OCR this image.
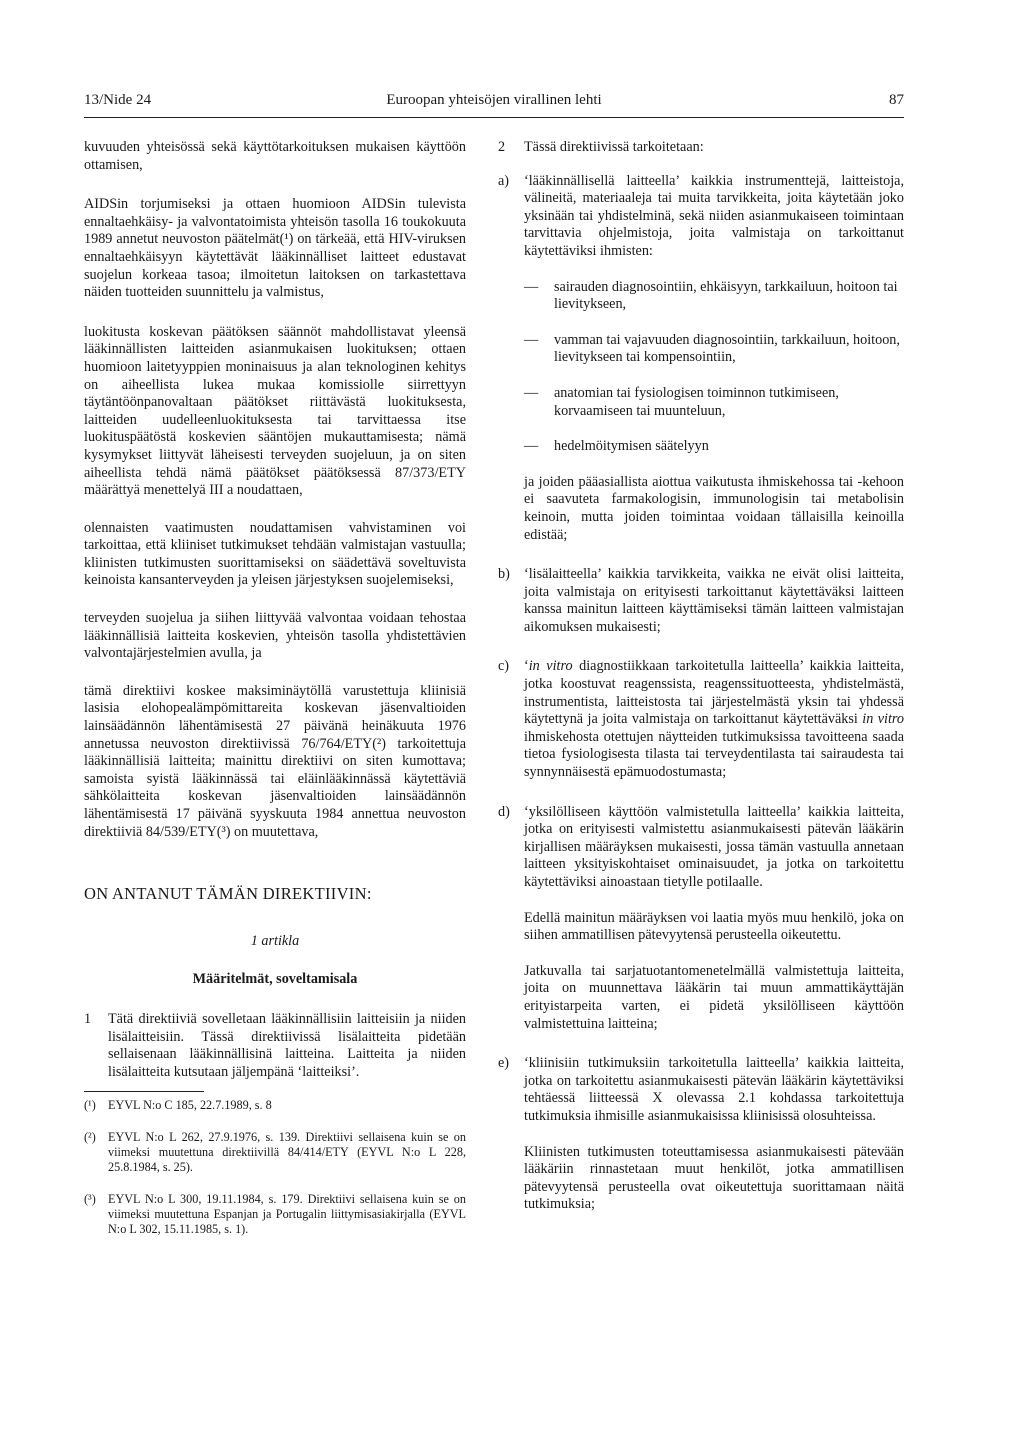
13/Nide 24	Euroopan yhteisöjen virallinen lehti	87

kuvuuden yhteisössä sekä käyttötarkoituksen mukaisen käyttöön ottamisen,

AIDSin torjumiseksi ja ottaen huomioon AIDSin tulevista ennaltaehkäisy- ja valvontatoimista yhteisön tasolla 16 toukokuuta 1989 annetut neuvoston päätelmät(¹) on tärkeää, että HIV-viruksen ennaltaehkäisyyn käytettävät lääkinnälliset laitteet edustavat suojelun korkeaa tasoa; ilmoitetun laitoksen on tarkastettava näiden tuotteiden suunnittelu ja valmistus,

luokitusta koskevan päätöksen säännöt mahdollistavat yleensä lääkinnällisten laitteiden asianmukaisen luokituksen; ottaen huomioon laitetyyppien moninaisuus ja alan teknologinen kehitys on aiheellista lukea mukaa komissiolle siirrettyyn täytäntöönpanovaltaan päätökset riittävästä luokituksesta, laitteiden uudelleenluokituksesta tai tarvittaessa itse luokituspäätöstä koskevien sääntöjen mukauttamisesta; nämä kysymykset liittyvät läheisesti terveyden suojeluun, ja on siten aiheellista tehdä nämä päätökset päätöksessä 87/373/ETY määrättyä menettelyä III a noudattaen,

olennaisten vaatimusten noudattamisen vahvistaminen voi tarkoittaa, että kliiniset tutkimukset tehdään valmistajan vastuulla; kliinisten tutkimusten suorittamiseksi on säädettävä soveltuvista keinoista kansanterveyden ja yleisen järjestyksen suojelemiseksi,

terveyden suojelua ja siihen liittyvää valvontaa voidaan tehostaa lääkinnällisiä laitteita koskevien, yhteisön tasolla yhdistettävien valvontajärjestelmien avulla, ja

tämä direktiivi koskee maksiminäytöllä varustettuja kliinisiä lasisia elohopealämpömittareita koskevan jäsenvaltioiden lainsäädännön lähentämisestä 27 päivänä heinäkuuta 1976 annetussa neuvoston direktiivissä 76/764/ETY(²) tarkoitettuja lääkinnällisiä laitteita; mainittu direktiivi on siten kumottava; samoista syistä lääkinnässä tai eläinlääkinnässä käytettäviä sähkölaitteita koskevan jäsenvaltioiden lainsäädännön lähentämisestä 17 päivänä syyskuuta 1984 annettua neuvoston direktiiviä 84/539/ETY(³) on muutettava,

ON ANTANUT TÄMÄN DIREKTIIVIN:
1 artikla
Määritelmät, soveltamisala

1 Tätä direktiiviä sovelletaan lääkinnällisiin laitteisiin ja niiden lisälaitteisiin. Tässä direktiivissä lisälaitteita pidetään sellaisenaan lääkinnällisinä laitteina. Laitteita ja niiden lisälaitteita kutsutaan jäljempänä ‘laitteiksi’.

(¹) EYVL N:o C 185, 22.7.1989, s. 8

(²) EYVL N:o L 262, 27.9.1976, s. 139. Direktiivi sellaisena kuin se on viimeksi muutettuna direktiivillä 84/414/ETY (EYVL N:o L 228, 25.8.1984, s. 25).

(³) EYVL N:o L 300, 19.11.1984, s. 179. Direktiivi sellaisena kuin se on viimeksi muutettuna Espanjan ja Portugalin liittymisasiakirjalla (EYVL N:o L 302, 15.11.1985, s. 1).

2 Tässä direktiivissä tarkoitetaan:

a) ‘lääkinnällisellä laitteella’ kaikkia instrumenttejä, laitteistoja, välineitä, materiaaleja tai muita tarvikkeita, joita käytetään joko yksinään tai yhdistelminä, sekä niiden asianmukaiseen toimintaan tarvittavia ohjelmistoja, joita valmistaja on tarkoittanut käytettäviksi ihmisten:

— sairauden diagnosointiin, ehkäisyyn, tarkkailuun, hoitoon tai lievitykseen,
— vamman tai vajavuuden diagnosointiin, tarkkailuun, hoitoon, lievitykseen tai kompensointiin,
— anatomian tai fysiologisen toiminnon tutkimiseen, korvaamiseen tai muunteluun,
— hedelmöitymisen säätelyyn

ja joiden pääasiallista aiottua vaikutusta ihmiskehossa tai -kehoon ei saavuteta farmakologisin, immunologisin tai metabolisin keinoin, mutta joiden toimintaa voidaan tällaisilla keinoilla edistää;

b) ‘lisälaitteella’ kaikkia tarvikkeita, vaikka ne eivät olisi laitteita, joita valmistaja on erityisesti tarkoittanut käytettäväksi laitteen kanssa mainitun laitteen käyttämiseksi tämän laitteen valmistajan aikomuksen mukaisesti;

c) ‘in vitro diagnostiikkaan tarkoitetulla laitteella’ kaikkia laitteita, jotka koostuvat reagenssista, reagenssituotteesta, yhdistelmästä, instrumentista, laitteistosta tai järjestelmästä yksin tai yhdessä käytettynä ja joita valmistaja on tarkoittanut käytettäväksi in vitro ihmiskehosta otettujen näytteiden tutkimuksissa tavoitteena saada tietoa fysiologisesta tilasta tai terveydentilasta tai sairaudesta tai synnynnäisestä epämuodostumasta;

d) ‘yksilölliseen käyttöön valmistetulla laitteella’ kaikkia laitteita, jotka on erityisesti valmistettu asianmukaisesti pätevän lääkärin kirjallisen määräyksen mukaisesti, jossa tämän vastuulla annetaan laitteen yksityiskohtaiset ominaisuudet, ja jotka on tarkoitettu käytettäviksi ainoastaan tietylle potilaalle.

Edellä mainitun määräyksen voi laatia myös muu henkilö, joka on siihen ammatillisen pätevyytensä perusteella oikeutettu.

Jatkuvalla tai sarjatuotantomenetelmällä valmistettuja laitteita, joita on muunnettava lääkärin tai muun ammattikäyttäjän erityistarpeita varten, ei pidetä yksilölliseen käyttöön valmistettuina laitteina;

e) ‘kliinisiin tutkimuksiin tarkoitetulla laitteella’ kaikkia laitteita, jotka on tarkoitettu asianmukaisesti pätevän lääkärin käytettäviksi tehtäessä liitteessä X olevassa 2.1 kohdassa tarkoitettuja tutkimuksia ihmisille asianmukaisissa kliinisissä olosuhteissa.

Kliinisten tutkimusten toteuttamisessa asianmukaisesti pätevään lääkäriin rinnastetaan muut henkilöt, jotka ammatillisen pätevyytensä perusteella ovat oikeutettuja suorittamaan näitä tutkimuksia;
